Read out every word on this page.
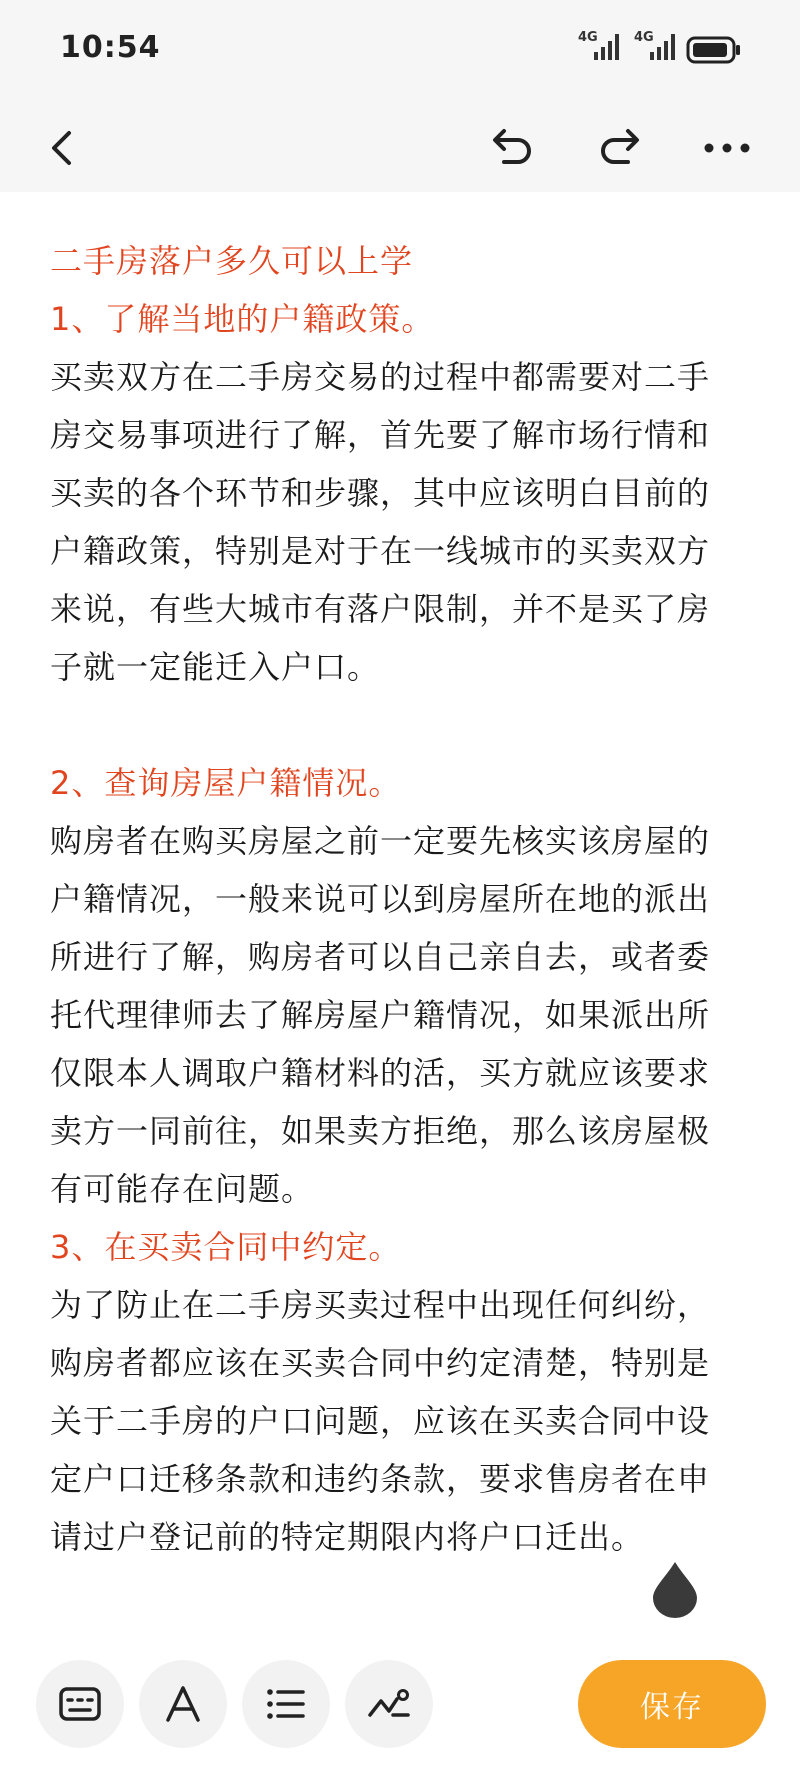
10:54	4G	4G
二手房落户多久可以上学
1、了解当地的户籍政策。
买卖双方在二手房交易的过程中都需要对二手
房交易事项进行了解，首先要了解市场行情和
买卖的各个环节和步骤，其中应该明白目前的
户籍政策，特别是对于在一线城市的买卖双方
来说，有些大城市有落户限制，并不是买了房
子就一定能迁入户口。
2、查询房屋户籍情况。
购房者在购买房屋之前一定要先核实该房屋的
户籍情况，一般来说可以到房屋所在地的派出
所进行了解，购房者可以自己亲自去，或者委
托代理律师去了解房屋户籍情况，如果派出所
仅限本人调取户籍材料的活，买方就应该要求
卖方一同前往，如果卖方拒绝，那么该房屋极
有可能存在问题。
3、在买卖合同中约定。
为了防止在二手房买卖过程中出现任何纠纷，
购房者都应该在买卖合同中约定清楚，特别是
关于二手房的户口问题，应该在买卖合同中设
定户口迁移条款和违约条款，要求售房者在申
请过户登记前的特定期限内将户口迁出。
保存
